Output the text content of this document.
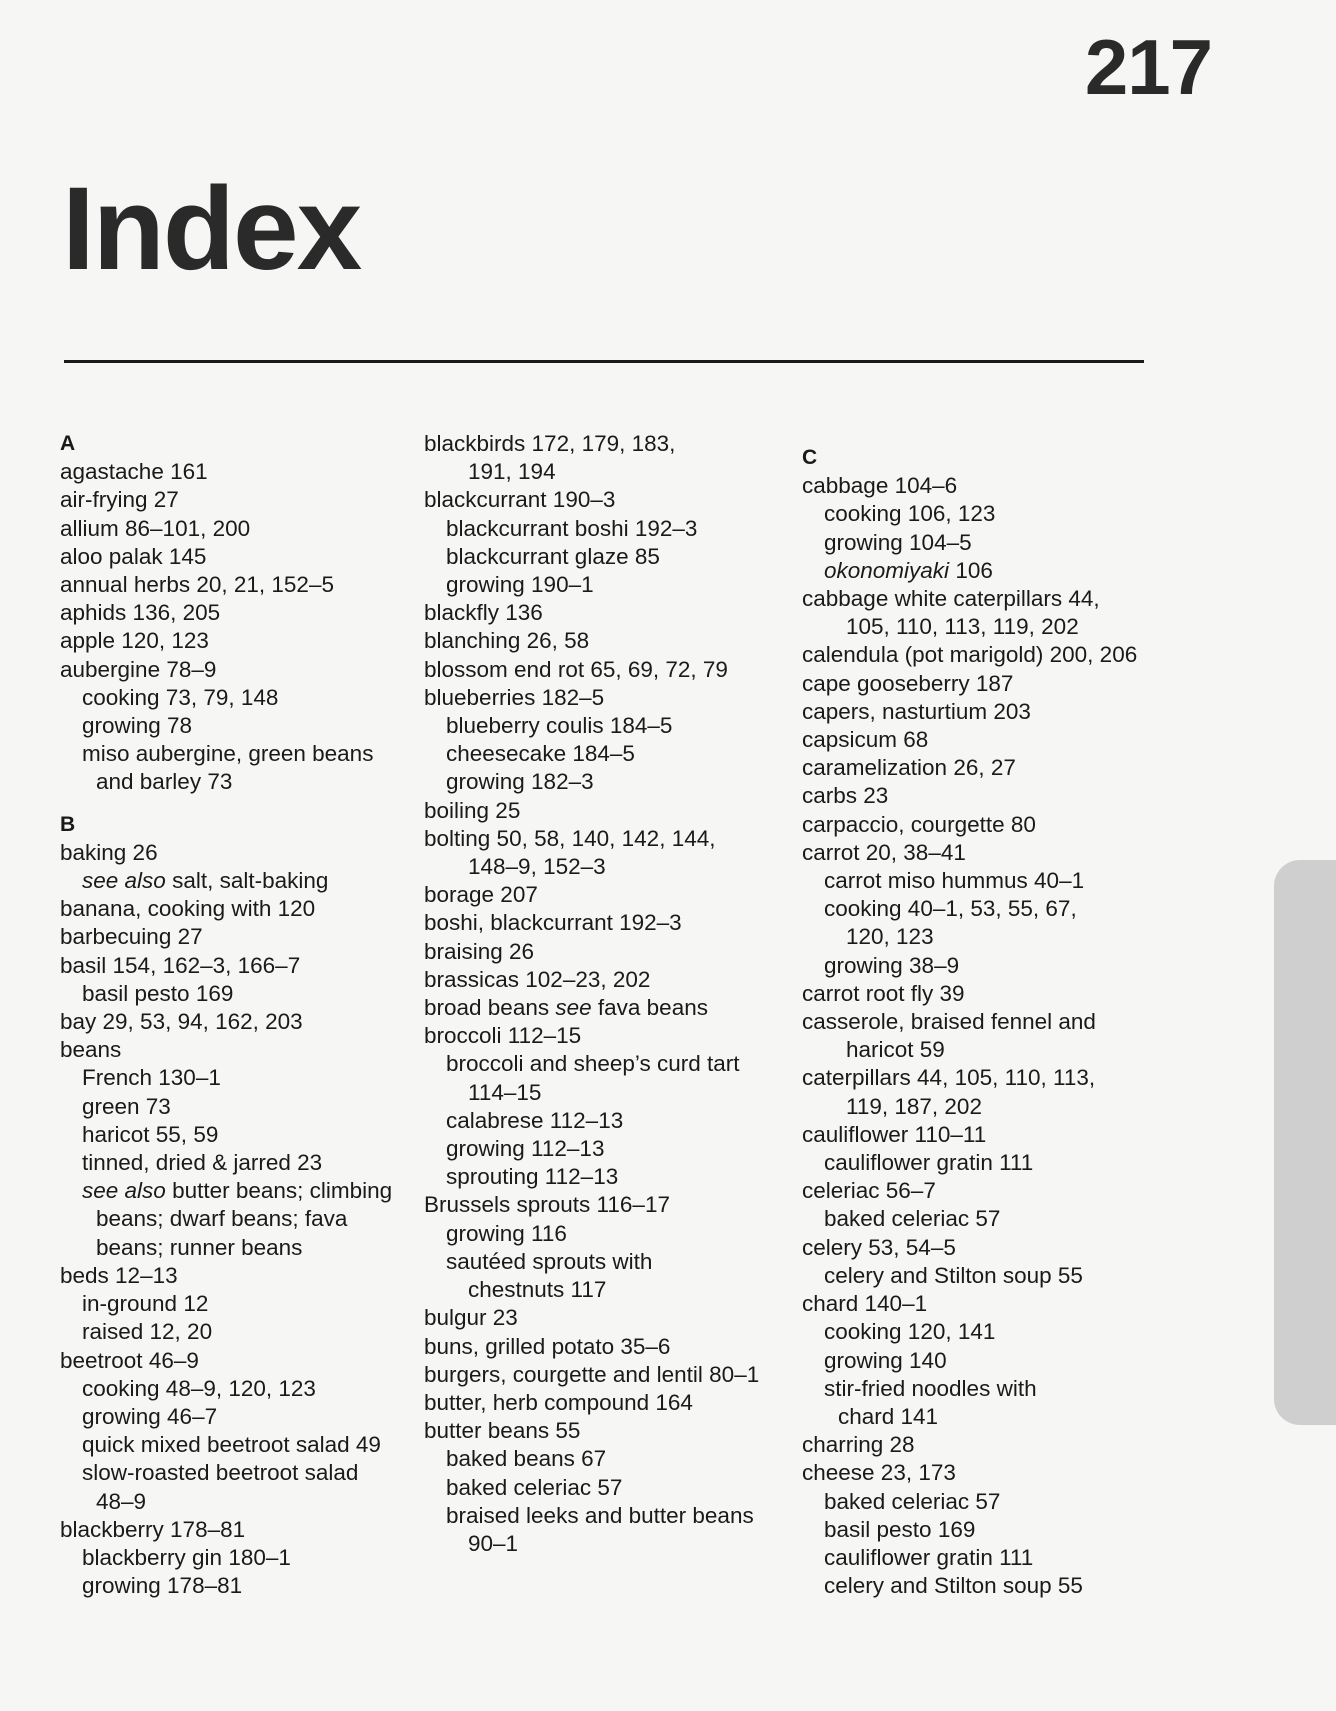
217
Index
A
agastache 161
air-frying 27
allium 86–101, 200
aloo palak 145
annual herbs 20, 21, 152–5
aphids 136, 205
apple 120, 123
aubergine 78–9
cooking 73, 79, 148
growing 78
miso aubergine, green beans
and barley 73
B
baking 26
see also salt, salt-baking
banana, cooking with 120
barbecuing 27
basil 154, 162–3, 166–7
basil pesto 169
bay 29, 53, 94, 162, 203
beans
French 130–1
green 73
haricot 55, 59
tinned, dried & jarred 23
see also butter beans; climbing
beans; dwarf beans; fava
beans; runner beans
beds 12–13
in-ground 12
raised 12, 20
beetroot 46–9
cooking 48–9, 120, 123
growing 46–7
quick mixed beetroot salad 49
slow-roasted beetroot salad
48–9
blackberry 178–81
blackberry gin 180–1
growing 178–81
blackbirds 172, 179, 183,
191, 194
blackcurrant 190–3
blackcurrant boshi 192–3
blackcurrant glaze 85
growing 190–1
blackfly 136
blanching 26, 58
blossom end rot 65, 69, 72, 79
blueberries 182–5
blueberry coulis 184–5
cheesecake 184–5
growing 182–3
boiling 25
bolting 50, 58, 140, 142, 144,
148–9, 152–3
borage 207
boshi, blackcurrant 192–3
braising 26
brassicas 102–23, 202
broad beans see fava beans
broccoli 112–15
broccoli and sheep’s curd tart
114–15
calabrese 112–13
growing 112–13
sprouting 112–13
Brussels sprouts 116–17
growing 116
sautéed sprouts with
chestnuts 117
bulgur 23
buns, grilled potato 35–6
burgers, courgette and lentil 80–1
butter, herb compound 164
butter beans 55
baked beans 67
baked celeriac 57
braised leeks and butter beans
90–1
C
cabbage 104–6
cooking 106, 123
growing 104–5
okonomiyaki 106
cabbage white caterpillars 44,
105, 110, 113, 119, 202
calendula (pot marigold) 200, 206
cape gooseberry 187
capers, nasturtium 203
capsicum 68
caramelization 26, 27
carbs 23
carpaccio, courgette 80
carrot 20, 38–41
carrot miso hummus 40–1
cooking 40–1, 53, 55, 67,
120, 123
growing 38–9
carrot root fly 39
casserole, braised fennel and
haricot 59
caterpillars 44, 105, 110, 113,
119, 187, 202
cauliflower 110–11
cauliflower gratin 111
celeriac 56–7
baked celeriac 57
celery 53, 54–5
celery and Stilton soup 55
chard 140–1
cooking 120, 141
growing 140
stir-fried noodles with
chard 141
charring 28
cheese 23, 173
baked celeriac 57
basil pesto 169
cauliflower gratin 111
celery and Stilton soup 55
